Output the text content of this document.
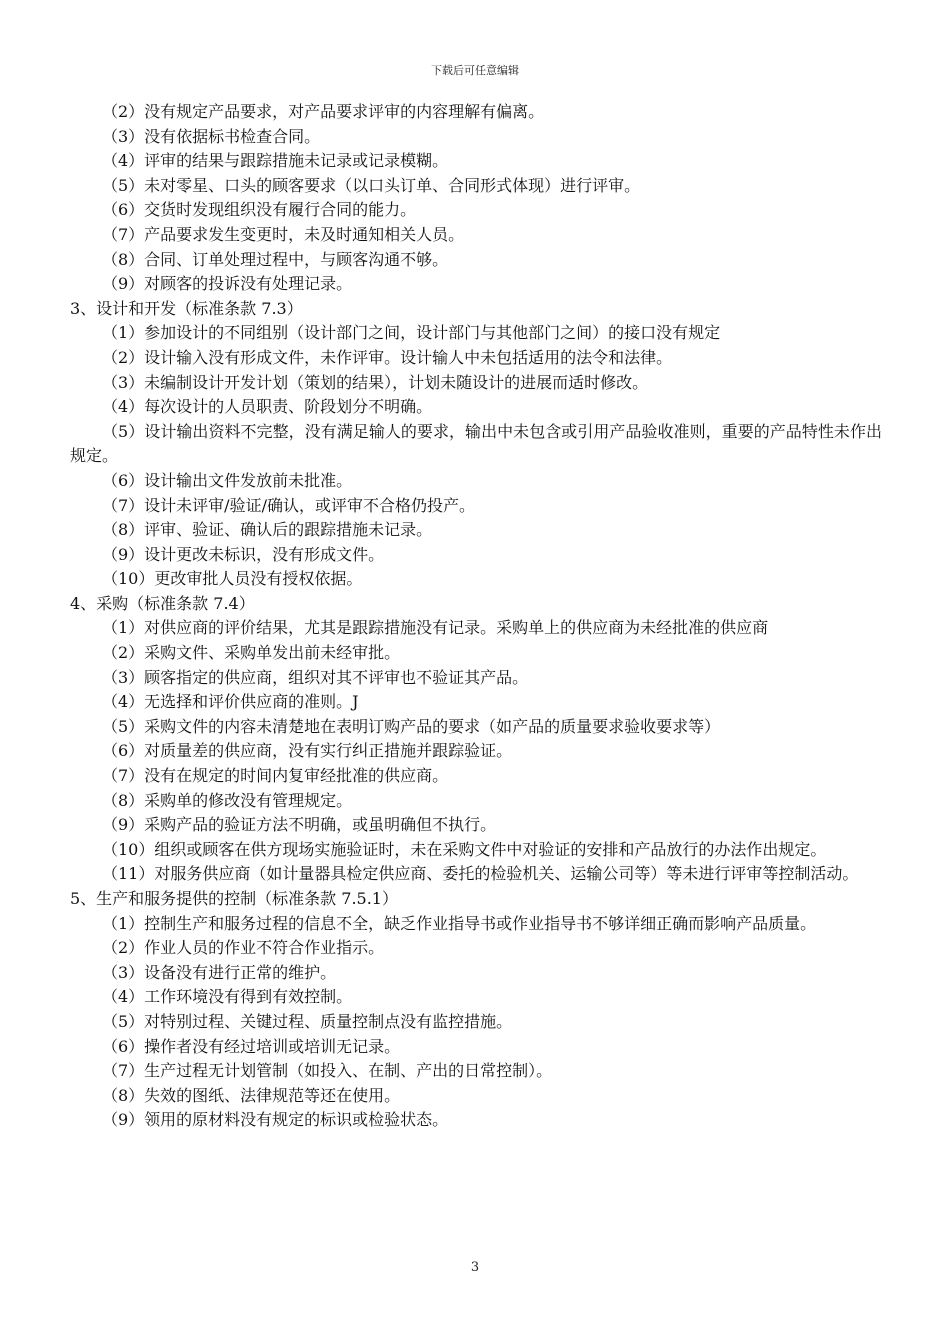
下载后可任意编辑
（2）没有规定产品要求，对产品要求评审的内容理解有偏离。
（3）没有依据标书检查合同。
（4）评审的结果与跟踪措施未记录或记录模糊。
（5）未对零星、口头的顾客要求（以口头订单、合同形式体现）进行评审。
（6）交货时发现组织没有履行合同的能力。
（7）产品要求发生变更时，未及时通知相关人员。
（8）合同、订单处理过程中，与顾客沟通不够。
（9）对顾客的投诉没有处理记录。
3、设计和开发（标准条款 7.3）
（1）参加设计的不同组别（设计部门之间，设计部门与其他部门之间）的接口没有规定
（2）设计输入没有形成文件，未作评审。设计输人中未包括适用的法令和法律。
（3）未编制设计开发计划（策划的结果），计划未随设计的进展而适时修改。
（4）每次设计的人员职责、阶段划分不明确。
（5）设计输出资料不完整，没有满足输人的要求，输出中未包含或引用产品验收准则，重要的产品特性未作出规定。
（6）设计输出文件发放前未批准。
（7）设计未评审/验证/确认，或评审不合格仍投产。
（8）评审、验证、确认后的跟踪措施未记录。
（9）设计更改未标识，没有形成文件。
（10）更改审批人员没有授权依据。
4、采购（标准条款 7.4）
（1）对供应商的评价结果，尤其是跟踪措施没有记录。采购单上的供应商为未经批准的供应商
（2）采购文件、采购单发出前未经审批。
（3）顾客指定的供应商，组织对其不评审也不验证其产品。
（4）无选择和评价供应商的准则。J
（5）采购文件的内容未清楚地在表明订购产品的要求（如产品的质量要求验收要求等）
（6）对质量差的供应商，没有实行纠正措施并跟踪验证。
（7）没有在规定的时间内复审经批准的供应商。
（8）采购单的修改没有管理规定。
（9）采购产品的验证方法不明确，或虽明确但不执行。
（10）组织或顾客在供方现场实施验证时，未在采购文件中对验证的安排和产品放行的办法作出规定。
（11）对服务供应商（如计量器具检定供应商、委托的检验机关、运输公司等）等未进行评审等控制活动。
5、生产和服务提供的控制（标准条款 7.5.1）
（1）控制生产和服务过程的信息不全，缺乏作业指导书或作业指导书不够详细正确而影响产品质量。
（2）作业人员的作业不符合作业指示。
（3）设备没有进行正常的维护。
（4）工作环境没有得到有效控制。
（5）对特别过程、关键过程、质量控制点没有监控措施。
（6）操作者没有经过培训或培训无记录。
（7）生产过程无计划管制（如投入、在制、产出的日常控制）。
（8）失效的图纸、法律规范等还在使用。
（9）领用的原材料没有规定的标识或检验状态。
3
